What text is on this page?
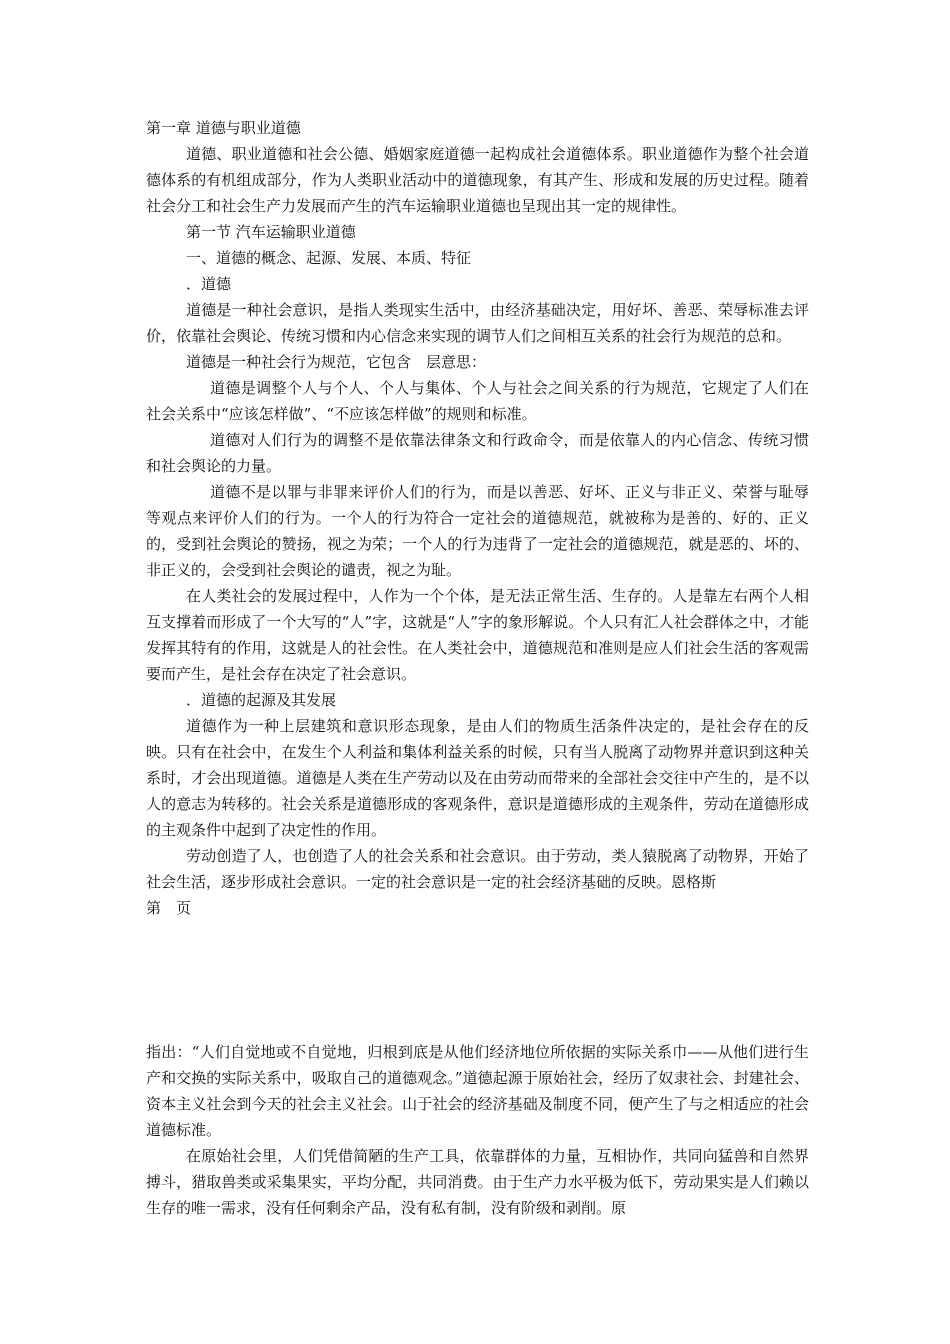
第一章 道德与职业道德

道德、职业道德和社会公德、婚姻家庭道德一起构成社会道德体系。职业道德作为整个社会道德体系的有机组成部分，作为人类职业活动中的道德现象，有其产生、形成和发展的历史过程。随着社会分工和社会生产力发展而产生的汽车运输职业道德也呈现出其一定的规律性。

第一节 汽车运输职业道德

一、道德的概念、起源、发展、本质、特征

．道德

道德是一种社会意识，是指人类现实生活中，由经济基础决定，用好坏、善恶、荣辱标准去评价，依靠社会舆论、传统习惯和内心信念来实现的调节人们之间相互关系的社会行为规范的总和。

道德是一种社会行为规范，它包含　层意思：

道德是调整个人与个人、个人与集体、个人与社会之间关系的行为规范，它规定了人们在社会关系中“应该怎样做”、“不应该怎样做”的规则和标准。

道德对人们行为的调整不是依靠法律条文和行政命令，而是依靠人的内心信念、传统习惯和社会舆论的力量。

道德不是以罪与非罪来评价人们的行为，而是以善恶、好坏、正义与非正义、荣誉与耻辱等观点来评价人们的行为。一个人的行为符合一定社会的道德规范，就被称为是善的、好的、正义的，受到社会舆论的赞扬，视之为荣；一个人的行为违背了一定社会的道德规范，就是恶的、坏的、非正义的，会受到社会舆论的谴责，视之为耻。

在人类社会的发展过程中，人作为一个个体，是无法正常生活、生存的。人是靠左右两个人相互支撑着而形成了一个大写的“人”字，这就是“人”字的象形解说。个人只有汇人社会群体之中，才能发挥其特有的作用，这就是人的社会性。在人类社会中，道德规范和准则是应人们社会生活的客观需要而产生，是社会存在决定了社会意识。

．道德的起源及其发展

道德作为一种上层建筑和意识形态现象，是由人们的物质生活条件决定的，是社会存在的反映。只有在社会中，在发生个人利益和集体利益关系的时候，只有当人脱离了动物界并意识到这种关系时，才会出现道德。道德是人类在生产劳动以及在由劳动而带来的全部社会交往中产生的，是不以人的意志为转移的。社会关系是道德形成的客观条件，意识是道德形成的主观条件，劳动在道德形成的主观条件中起到了决定性的作用。

劳动创造了人，也创造了人的社会关系和社会意识。由于劳动，类人猿脱离了动物界，开始了社会生活，逐步形成社会意识。一定的社会意识是一定的社会经济基础的反映。恩格斯

第　页

指出：“人们自觉地或不自觉地，归根到底是从他们经济地位所依据的实际关系巾——从他们进行生产和交换的实际关系中，吸取自己的道德观念。”道德起源于原始社会，经历了奴隶社会、封建社会、资本主义社会到今天的社会主义社会。山于社会的经济基础及制度不同，便产生了与之相适应的社会道德标准。

在原始社会里，人们凭借简陋的生产工具，依靠群体的力量，互相协作，共同向猛兽和自然界搏斗，猎取兽类或采集果实，平均分配，共同消费。由于生产力水平极为低下，劳动果实是人们赖以生存的唯一需求，没有任何剩余产品，没有私有制，没有阶级和剥削。原
